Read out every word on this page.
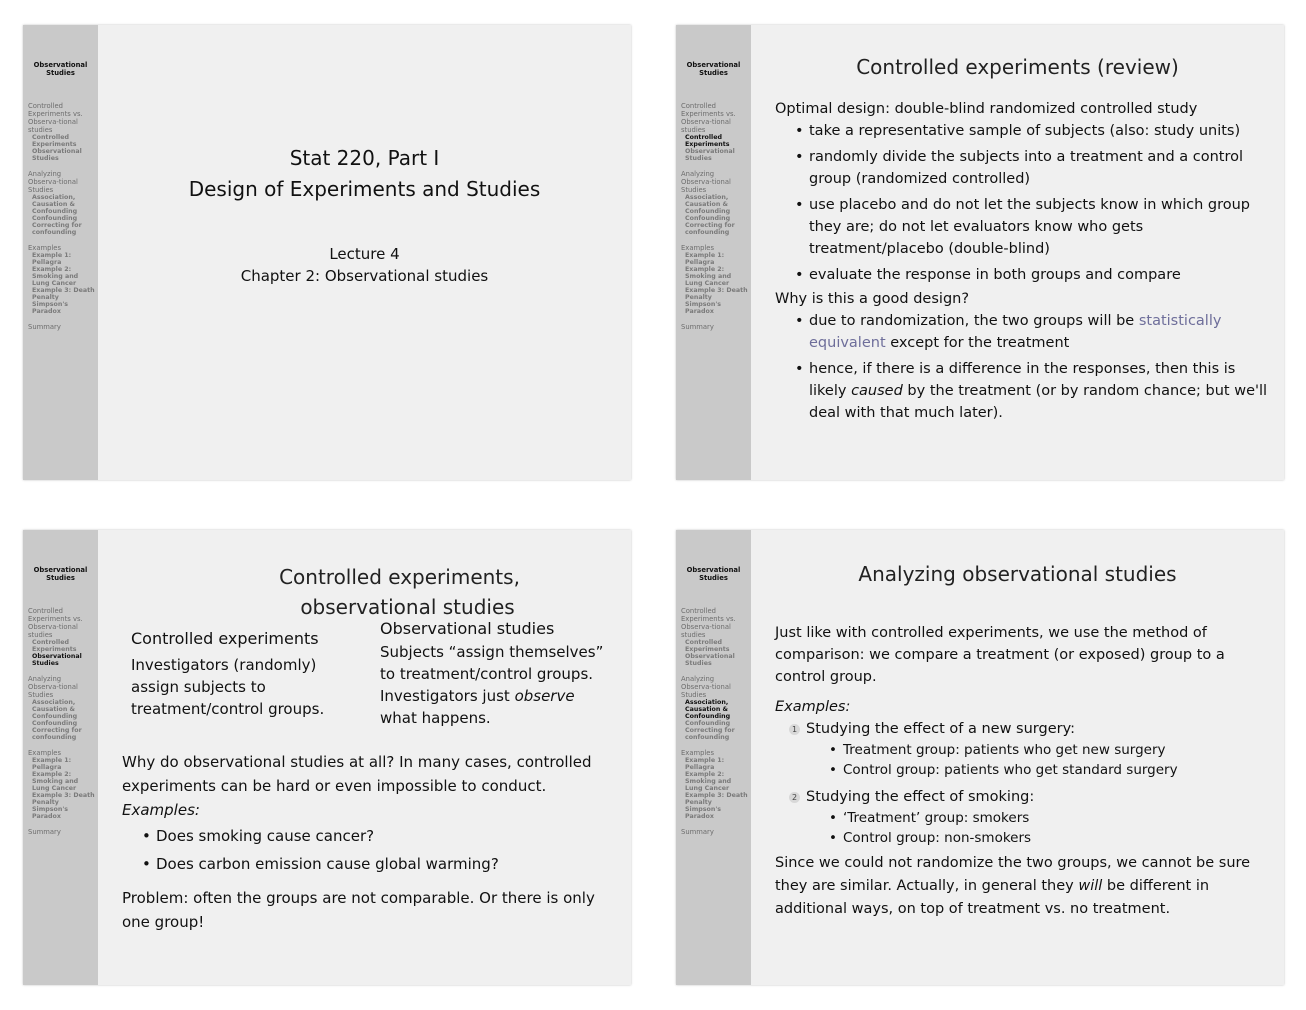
Observational Studies
Controlled Experiments vs. Observa-tional studies
Controlled Experiments
Observational Studies
Analyzing Observa-tional Studies
Association, Causation & Confounding
Confounding
Correcting for confounding
Examples
Example 1: Pellagra
Example 2: Smoking and Lung Cancer
Example 3: Death Penalty
Simpson's Paradox
Summary
Stat 220, Part I
Design of Experiments and Studies
Lecture 4
Chapter 2: Observational studies
Observational Studies
Controlled Experiments vs. Observa-tional studies
Controlled Experiments
Observational Studies
Analyzing Observa-tional Studies
Association, Causation & Confounding
Confounding
Correcting for confounding
Examples
Example 1: Pellagra
Example 2: Smoking and Lung Cancer
Example 3: Death Penalty
Simpson's Paradox
Summary
Controlled experiments (review)
Optimal design: double-blind randomized controlled study
• take a representative sample of subjects (also: study units)
• randomly divide the subjects into a treatment and a control group (randomized controlled)
• use placebo and do not let the subjects know in which group they are; do not let evaluators know who gets treatment/placebo (double-blind)
• evaluate the response in both groups and compare
Why is this a good design?
• due to randomization, the two groups will be statistically equivalent except for the treatment
• hence, if there is a difference in the responses, then this is likely caused by the treatment (or by random chance; but we'll deal with that much later).
Observational Studies
Controlled Experiments vs. Observa-tional studies
Controlled Experiments
Observational Studies
Analyzing Observa-tional Studies
Association, Causation & Confounding
Confounding
Correcting for confounding
Examples
Example 1: Pellagra
Example 2: Smoking and Lung Cancer
Example 3: Death Penalty
Simpson's Paradox
Summary
Controlled experiments,
observational studies
Controlled experiments
Investigators (randomly) assign subjects to treatment/control groups.
Observational studies
Subjects “assign themselves” to treatment/control groups. Investigators just observe what happens.
Why do observational studies at all? In many cases, controlled experiments can be hard or even impossible to conduct.
Examples:
• Does smoking cause cancer?
• Does carbon emission cause global warming?
Problem: often the groups are not comparable. Or there is only one group!
Observational Studies
Controlled Experiments vs. Observa-tional studies
Controlled Experiments
Observational Studies
Analyzing Observa-tional Studies
Association, Causation & Confounding
Confounding
Correcting for confounding
Examples
Example 1: Pellagra
Example 2: Smoking and Lung Cancer
Example 3: Death Penalty
Simpson's Paradox
Summary
Analyzing observational studies
Just like with controlled experiments, we use the method of comparison: we compare a treatment (or exposed) group to a control group.
Examples:
1 Studying the effect of a new surgery:
• Treatment group: patients who get new surgery
• Control group: patients who get standard surgery
2 Studying the effect of smoking:
• ‘Treatment’ group: smokers
• Control group: non-smokers
Since we could not randomize the two groups, we cannot be sure they are similar. Actually, in general they will be different in additional ways, on top of treatment vs. no treatment.
